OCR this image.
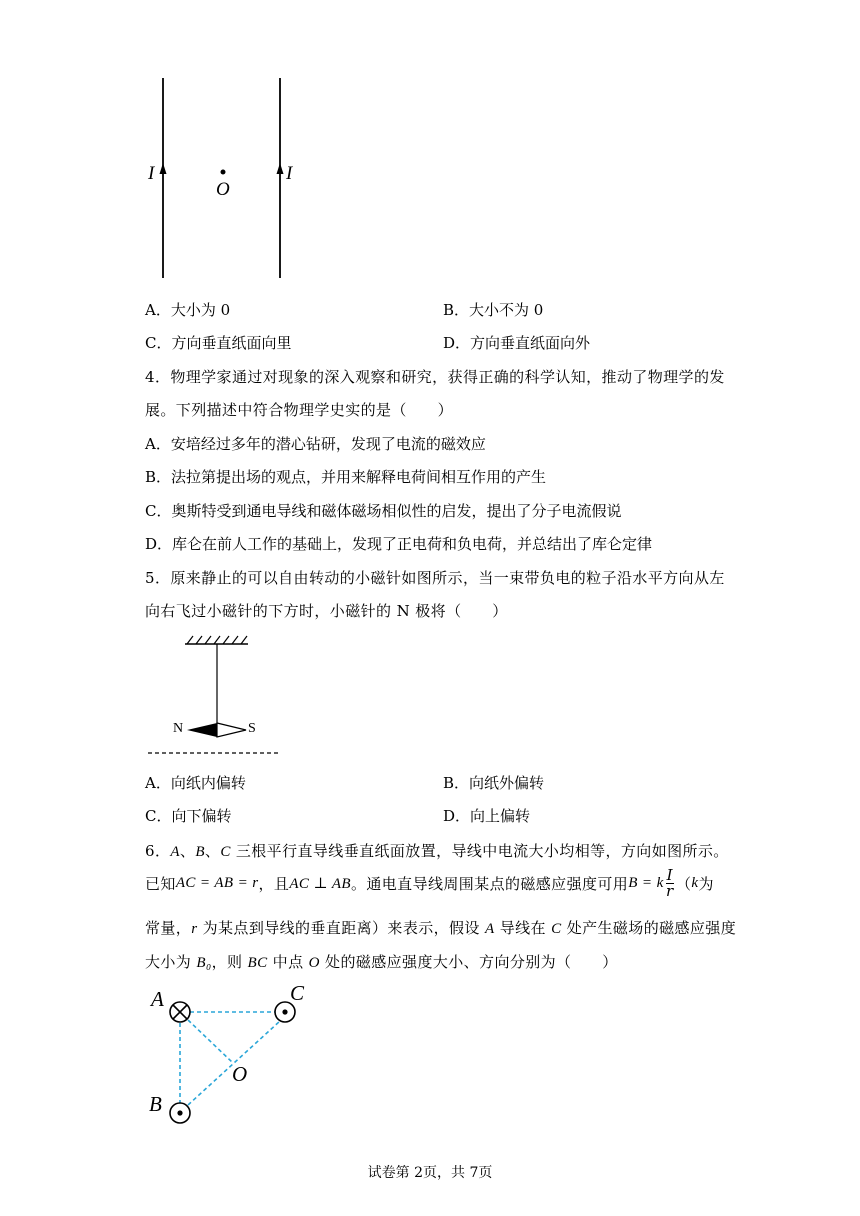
I	I
O
A．大小为 0	B．大小不为 0
C．方向垂直纸面向里	D．方向垂直纸面向外
4．物理学家通过对现象的深入观察和研究，获得正确的科学认知，推动了物理学的发
展。下列描述中符合物理学史实的是（　　）
A．安培经过多年的潜心钻研，发现了电流的磁效应
B．法拉第提出场的观点，并用来解释电荷间相互作用的产生
C．奥斯特受到通电导线和磁体磁场相似性的启发，提出了分子电流假说
D．库仑在前人工作的基础上，发现了正电荷和负电荷，并总结出了库仑定律
5．原来静止的可以自由转动的小磁针如图所示，当一束带负电的粒子沿水平方向从左
向右飞过小磁针的下方时，小磁针的 N 极将（　　）
N	S
A．向纸内偏转	B．向纸外偏转
C．向下偏转	D．向上偏转
6．A、B、C 三根平行直导线垂直纸面放置，导线中电流大小均相等，方向如图所示。
已知 AC = AB = r ，且 AC ⊥ AB 。通电直导线周围某点的磁感应强度可用 B = k $\frac{I}{r}$ （ k 为
常量，r 为某点到导线的垂直距离）来表示，假设 A 导线在 C 处产生磁场的磁感应强度
大小为 B₀，则 BC 中点 O 处的磁感应强度大小、方向分别为（　　）
A	C
O
B
试卷第 2页，共 7页
